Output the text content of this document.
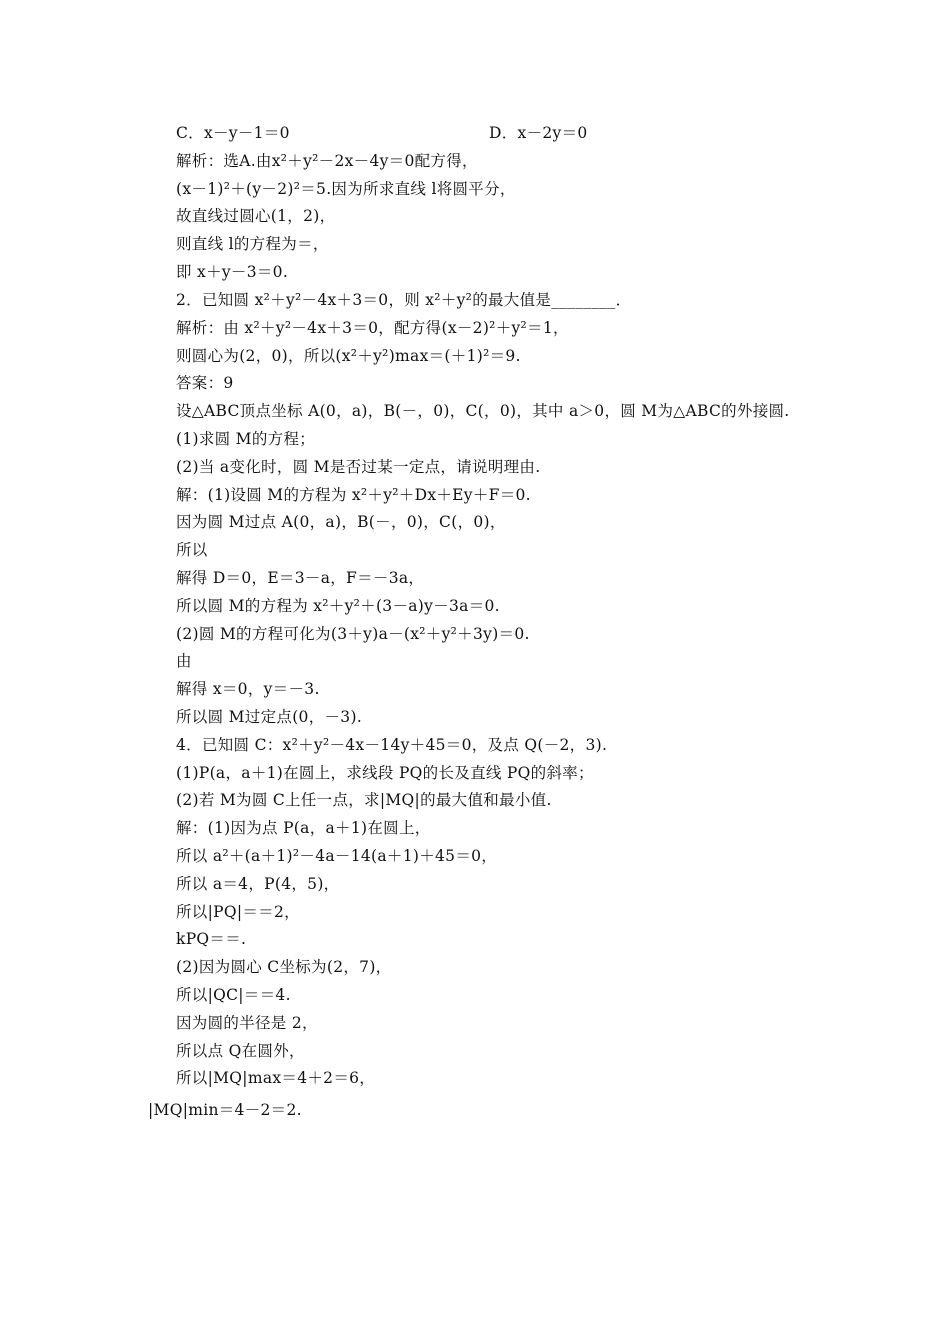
C．x－y－1＝0	D．x－2y＝0
解析：选A.由x²＋y²－2x－4y＝0配方得，
(x－1)²＋(y－2)²＝5.因为所求直线 l将圆平分，
故直线过圆心(1，2)，
则直线 l的方程为＝，
即 x＋y－3＝0.
2．已知圆 x²＋y²－4x＋3＝0，则 x²＋y²的最大值是________．
解析：由 x²＋y²－4x＋3＝0，配方得(x－2)²＋y²＝1，
则圆心为(2，0)，所以(x²＋y²)max＝(＋1)²＝9.
答案：9
设△ABC顶点坐标 A(0，a)，B(－，0)，C(，0)，其中 a＞0，圆 M为△ABC的外接圆.
(1)求圆 M的方程；
(2)当 a变化时，圆 M是否过某一定点，请说明理由.
解：(1)设圆 M的方程为 x²＋y²＋Dx＋Ey＋F＝0.
因为圆 M过点 A(0，a)，B(－，0)，C(，0)，
所以
解得 D＝0，E＝3－a，F＝－3a，
所以圆 M的方程为 x²＋y²＋(3－a)y－3a＝0.
(2)圆 M的方程可化为(3＋y)a－(x²＋y²＋3y)＝0.
由
解得 x＝0，y＝－3.
所以圆 M过定点(0，－3).
4．已知圆 C：x²＋y²－4x－14y＋45＝0，及点 Q(－2，3).
(1)P(a，a＋1)在圆上，求线段 PQ的长及直线 PQ的斜率；
(2)若 M为圆 C上任一点，求|MQ|的最大值和最小值.
解：(1)因为点 P(a，a＋1)在圆上，
所以 a²＋(a＋1)²－4a－14(a＋1)＋45＝0，
所以 a＝4，P(4，5)，
所以|PQ|＝＝2，
kPQ＝＝.
(2)因为圆心 C坐标为(2，7)，
所以|QC|＝＝4.
因为圆的半径是 2，
所以点 Q在圆外，
所以|MQ|max＝4＋2＝6，
|MQ|min＝4－2＝2.
